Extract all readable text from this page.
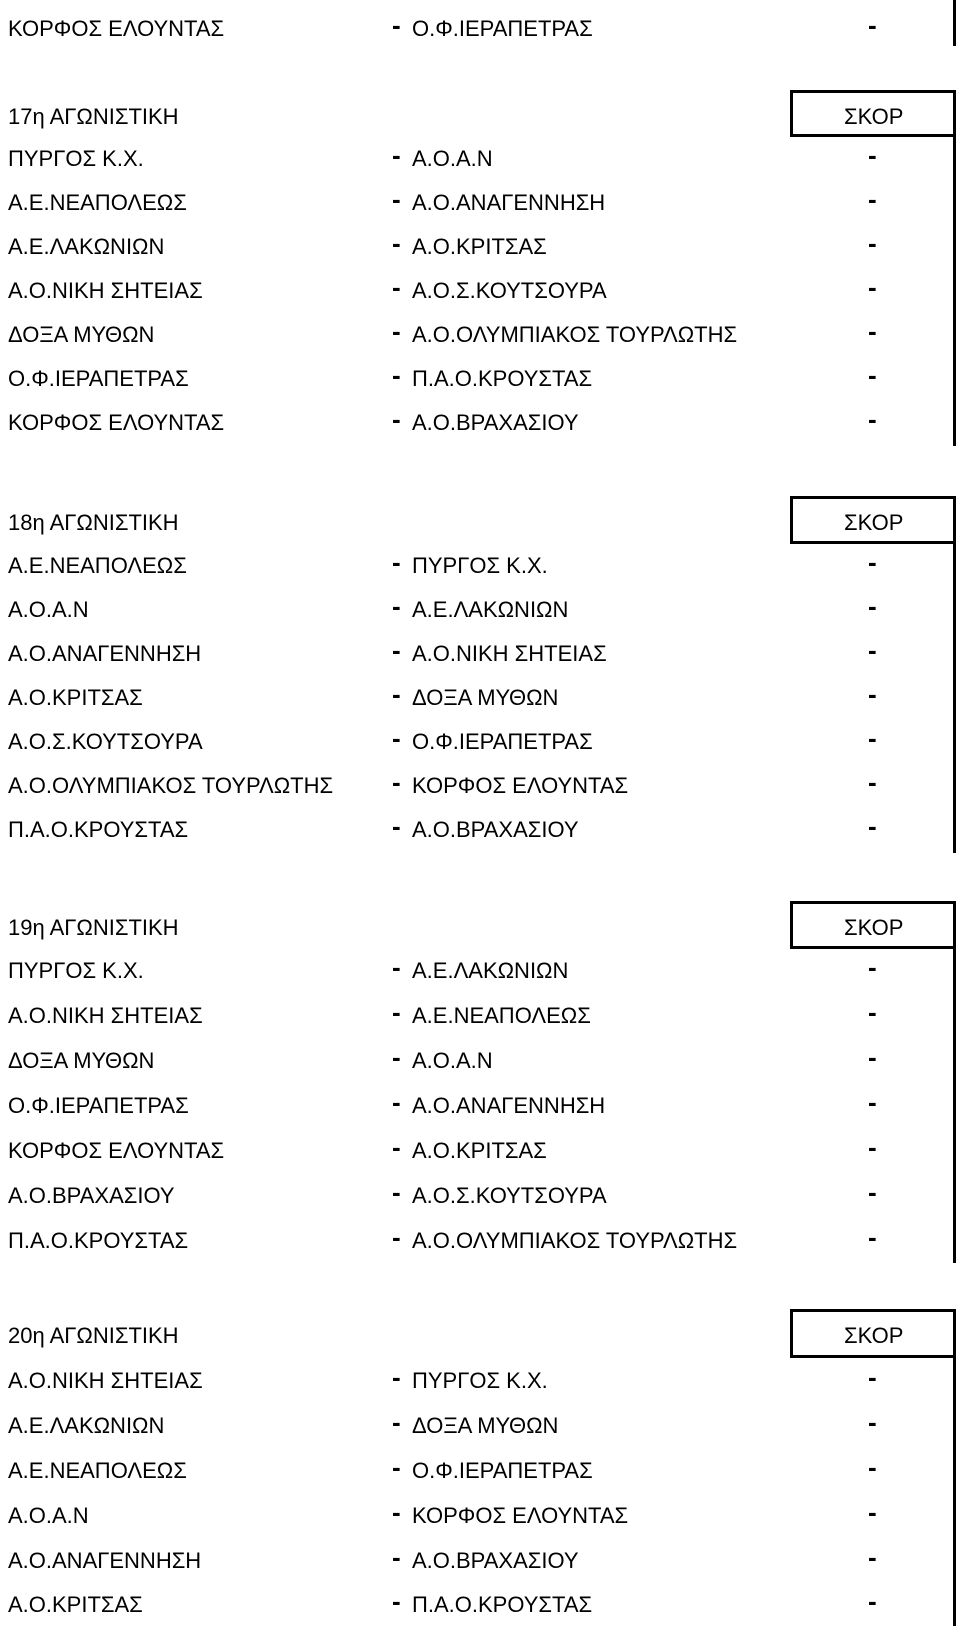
ΚΟΡΦΟΣ ΕΛΟΥΝΤΑΣ	- Ο.Φ.ΙΕΡΑΠΕΤΡΑΣ	-
17η ΑΓΩΝΙΣΤΙΚΗ	ΣΚΟΡ
ΠΥΡΓΟΣ Κ.Χ.	- Α.Ο.Α.Ν	-
Α.Ε.ΝΕΑΠΟΛΕΩΣ	- Α.Ο.ΑΝΑΓΕΝΝΗΣΗ	-
Α.Ε.ΛΑΚΩΝΙΩΝ	- Α.Ο.ΚΡΙΤΣΑΣ	-
Α.Ο.ΝΙΚΗ ΣΗΤΕΙΑΣ	- Α.Ο.Σ.ΚΟΥΤΣΟΥΡΑ	-
ΔΟΞΑ ΜΥΘΩΝ	- Α.Ο.ΟΛΥΜΠΙΑΚΟΣ ΤΟΥΡΛΩΤΗΣ	-
Ο.Φ.ΙΕΡΑΠΕΤΡΑΣ	- Π.Α.Ο.ΚΡΟΥΣΤΑΣ	-
ΚΟΡΦΟΣ ΕΛΟΥΝΤΑΣ	- Α.Ο.ΒΡΑΧΑΣΙΟΥ	-
18η ΑΓΩΝΙΣΤΙΚΗ	ΣΚΟΡ
Α.Ε.ΝΕΑΠΟΛΕΩΣ	- ΠΥΡΓΟΣ Κ.Χ.	-
Α.Ο.Α.Ν	- Α.Ε.ΛΑΚΩΝΙΩΝ	-
Α.Ο.ΑΝΑΓΕΝΝΗΣΗ	- Α.Ο.ΝΙΚΗ ΣΗΤΕΙΑΣ	-
Α.Ο.ΚΡΙΤΣΑΣ	- ΔΟΞΑ ΜΥΘΩΝ	-
Α.Ο.Σ.ΚΟΥΤΣΟΥΡΑ	- Ο.Φ.ΙΕΡΑΠΕΤΡΑΣ	-
Α.Ο.ΟΛΥΜΠΙΑΚΟΣ ΤΟΥΡΛΩΤΗΣ - ΚΟΡΦΟΣ ΕΛΟΥΝΤΑΣ	-
Π.Α.Ο.ΚΡΟΥΣΤΑΣ	- Α.Ο.ΒΡΑΧΑΣΙΟΥ	-
19η ΑΓΩΝΙΣΤΙΚΗ	ΣΚΟΡ
ΠΥΡΓΟΣ Κ.Χ.	- Α.Ε.ΛΑΚΩΝΙΩΝ	-
Α.Ο.ΝΙΚΗ ΣΗΤΕΙΑΣ	- Α.Ε.ΝΕΑΠΟΛΕΩΣ	-
ΔΟΞΑ ΜΥΘΩΝ	- Α.Ο.Α.Ν	-
Ο.Φ.ΙΕΡΑΠΕΤΡΑΣ	- Α.Ο.ΑΝΑΓΕΝΝΗΣΗ	-
ΚΟΡΦΟΣ ΕΛΟΥΝΤΑΣ	- Α.Ο.ΚΡΙΤΣΑΣ	-
Α.Ο.ΒΡΑΧΑΣΙΟΥ	- Α.Ο.Σ.ΚΟΥΤΣΟΥΡΑ	-
Π.Α.Ο.ΚΡΟΥΣΤΑΣ	- Α.Ο.ΟΛΥΜΠΙΑΚΟΣ ΤΟΥΡΛΩΤΗΣ	-
20η ΑΓΩΝΙΣΤΙΚΗ	ΣΚΟΡ
Α.Ο.ΝΙΚΗ ΣΗΤΕΙΑΣ	- ΠΥΡΓΟΣ Κ.Χ.	-
Α.Ε.ΛΑΚΩΝΙΩΝ	- ΔΟΞΑ ΜΥΘΩΝ	-
Α.Ε.ΝΕΑΠΟΛΕΩΣ	- Ο.Φ.ΙΕΡΑΠΕΤΡΑΣ	-
Α.Ο.Α.Ν	- ΚΟΡΦΟΣ ΕΛΟΥΝΤΑΣ	-
Α.Ο.ΑΝΑΓΕΝΝΗΣΗ	- Α.Ο.ΒΡΑΧΑΣΙΟΥ	-
Α.Ο.ΚΡΙΤΣΑΣ	- Π.Α.Ο.ΚΡΟΥΣΤΑΣ	-
